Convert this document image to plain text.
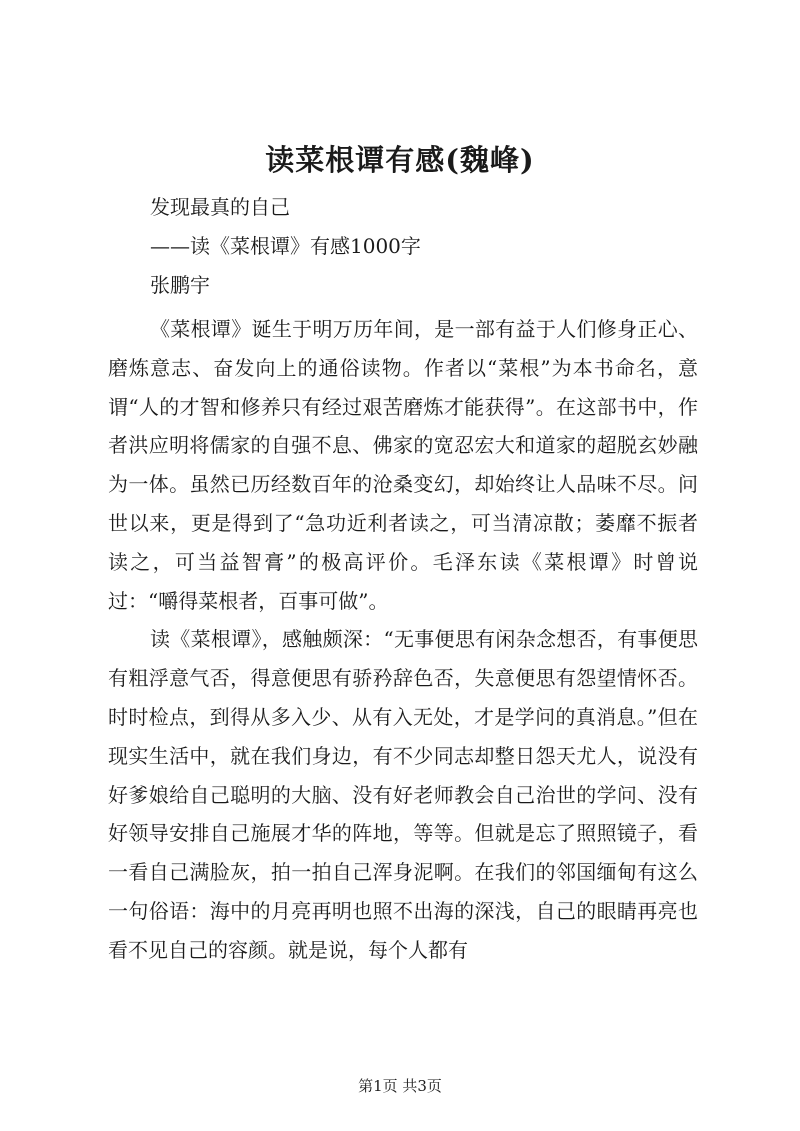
读菜根谭有感(魏峰)
发现最真的自己
——读《菜根谭》有感1000字
张鹏宇

《菜根谭》诞生于明万历年间，是一部有益于人们修身正心、磨炼意志、奋发向上的通俗读物。作者以“菜根”为本书命名，意谓“人的才智和修养只有经过艰苦磨炼才能获得”。在这部书中，作者洪应明将儒家的自强不息、佛家的宽忍宏大和道家的超脱玄妙融为一体。虽然已历经数百年的沧桑变幻，却始终让人品味不尽。问世以来，更是得到了“急功近利者读之，可当清凉散；萎靡不振者读之，可当益智膏”的极高评价。毛泽东读《菜根谭》时曾说过：“嚼得菜根者，百事可做”。

读《菜根谭》，感触颇深：“无事便思有闲杂念想否，有事便思有粗浮意气否，得意便思有骄矜辞色否，失意便思有怨望情怀否。时时检点，到得从多入少、从有入无处，才是学问的真消息。”但在现实生活中，就在我们身边，有不少同志却整日怨天尤人，说没有好爹娘给自己聪明的大脑、没有好老师教会自己治世的学问、没有好领导安排自己施展才华的阵地，等等。但就是忘了照照镜子，看一看自己满脸灰，拍一拍自己浑身泥啊。在我们的邻国缅甸有这么一句俗语：海中的月亮再明也照不出海的深浅，自己的眼睛再亮也看不见自己的容颜。就是说，每个人都有

第1页 共3页
